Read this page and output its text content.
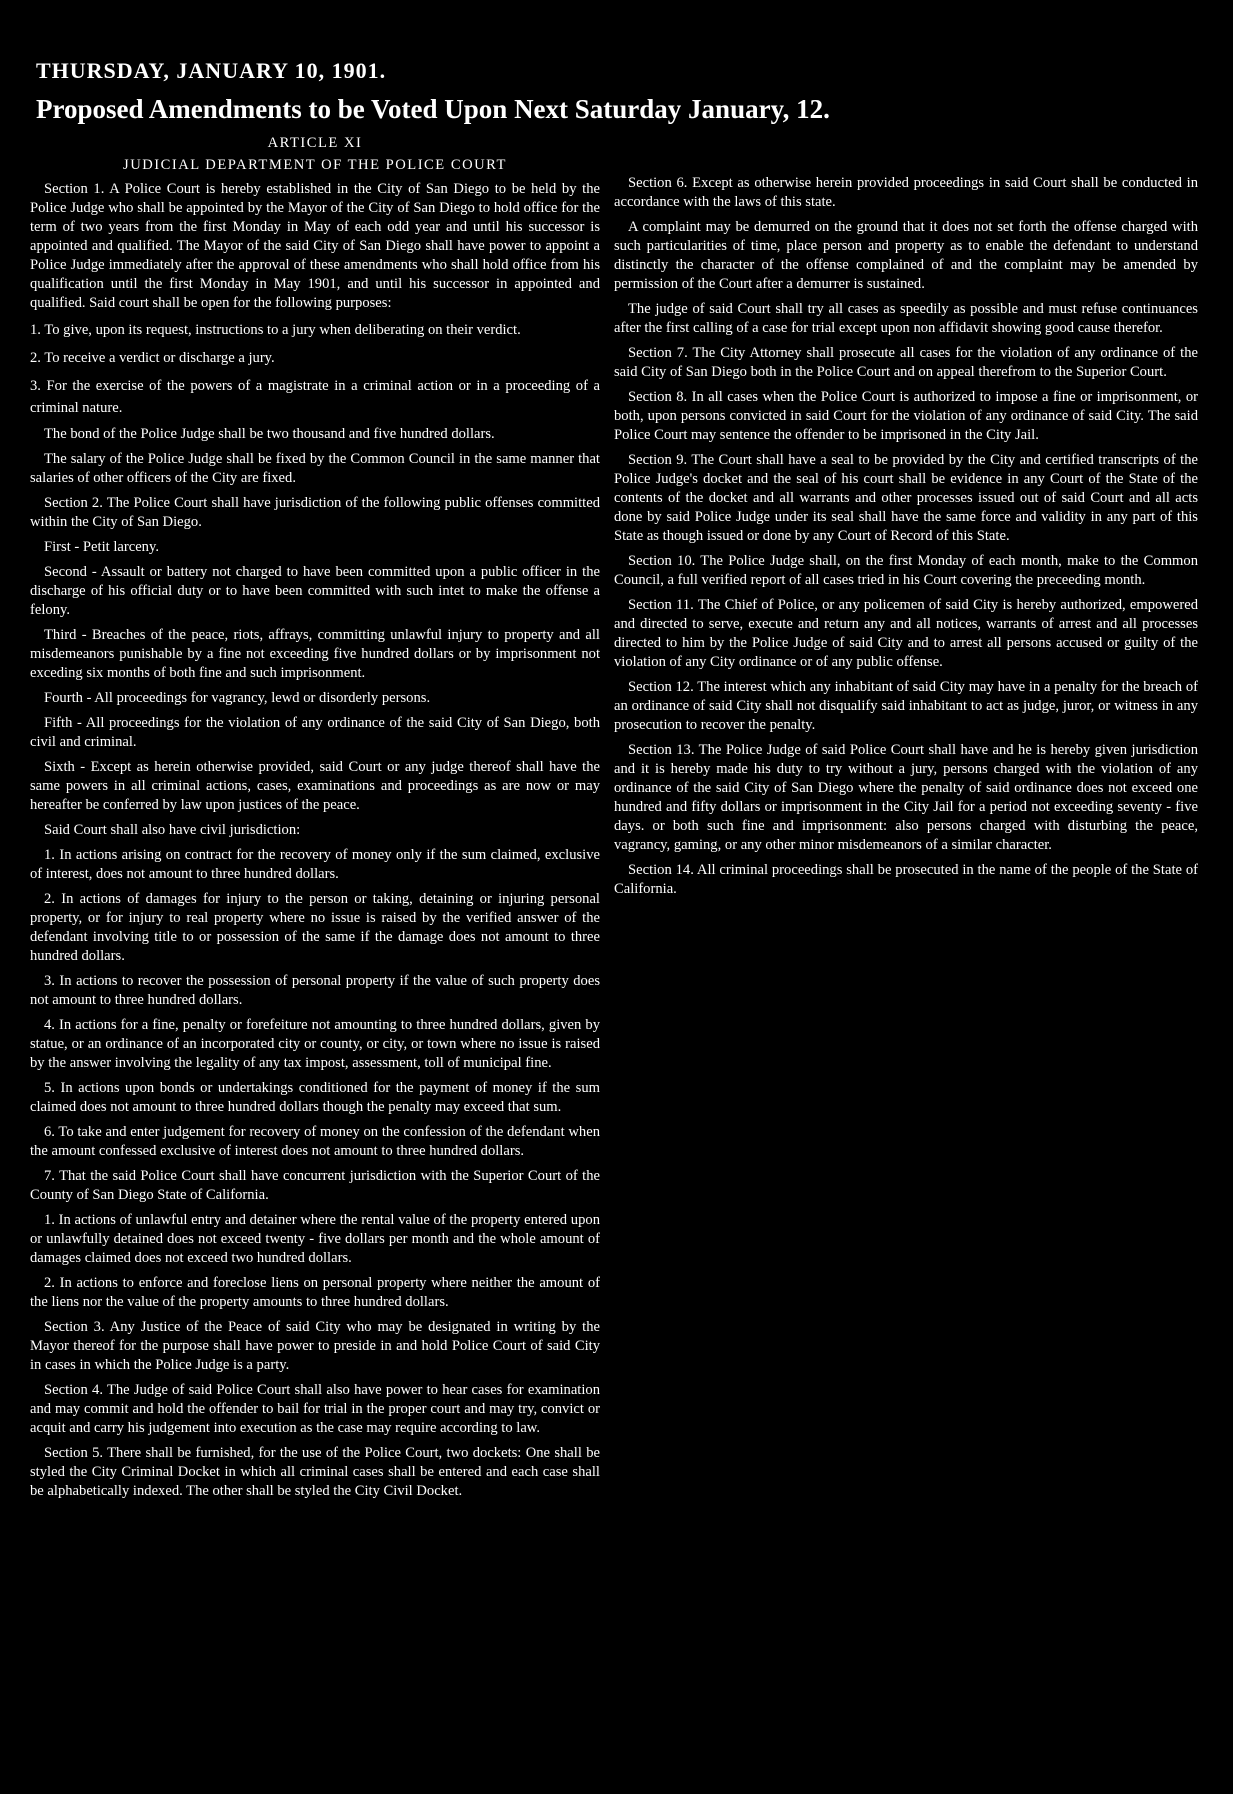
THURSDAY, JANUARY 10, 1901.
Proposed Amendments to be Voted Upon Next Saturday January, 12.
ARTICLE XI
JUDICIAL DEPARTMENT OF THE POLICE COURT

Section 1. A Police Court is hereby established in the City of San Diego to be held by the Police Judge who shall be appointed by the Mayor of the City of San Diego to hold office for the term of two years from the first Monday in May of each odd year and until his successor is appointed and qualified. The Mayor of the said City of San Diego shall have power to appoint a Police Judge immediately after the approval of these amendments who shall hold office from his qualification until the first Monday in May 1901, and until his successor in appointed and qualified. Said court shall be open for the following purposes:

1. To give, upon its request, instructions to a jury when deliberating on their verdict.

2. To receive a verdict or discharge a jury.

3. For the exercise of the powers of a magistrate in a criminal action or in a proceeding of a criminal nature.

The bond of the Police Judge shall be two thousand and five hundred dollars.

The salary of the Police Judge shall be fixed by the Common Council in the same manner that salaries of other officers of the City are fixed.

Section 2. The Police Court shall have jurisdiction of the following public offenses committed within the City of San Diego.

First - Petit larceny.

Second - Assault or battery not charged to have been committed upon a public officer in the discharge of his official duty or to have been committed with such intet to make the offense a felony.

Third - Breaches of the peace, riots, affrays, committing unlawful injury to property and all misdemeanors punishable by a fine not exceeding five hundred dollars or by imprisonment not exceding six months of both fine and such imprisonment.

Fourth - All proceedings for vagrancy, lewd or disorderly persons.

Fifth - All proceedings for the violation of any ordinance of the said City of San Diego, both civil and criminal.

Sixth - Except as herein otherwise provided, said Court or any judge thereof shall have the same powers in all criminal actions, cases, examinations and proceedings as are now or may hereafter be conferred by law upon justices of the peace.

Said Court shall also have civil jurisdiction:

1. In actions arising on contract for the recovery of money only if the sum claimed, exclusive of interest, does not amount to three hundred dollars.

2. In actions of damages for injury to the person or taking, detaining or injuring personal property, or for injury to real property where no issue is raised by the verified answer of the defendant involving title to or possession of the same if the damage does not amount to three hundred dollars.

3. In actions to recover the possession of personal property if the value of such property does not amount to three hundred dollars.

4. In actions for a fine, penalty or forefeiture not amounting to three hundred dollars, given by statue, or an ordinance of an incorporated city or county, or city, or town where no issue is raised by the answer involving the legality of any tax impost, assessment, toll of municipal fine.

5. In actions upon bonds or undertakings conditioned for the payment of money if the sum claimed does not amount to three hundred dollars though the penalty may exceed that sum.

6. To take and enter judgement for recovery of money on the confession of the defendant when the amount confessed exclusive of interest does not amount to three hundred dollars.

7. That the said Police Court shall have concurrent jurisdiction with the Superior Court of the County of San Diego State of California.

1. In actions of unlawful entry and detainer where the rental value of the property entered upon or unlawfully detained does not exceed twenty - five dollars per month and the whole amount of damages claimed does not exceed two hundred dollars.

2. In actions to enforce and foreclose liens on personal property where neither the amount of the liens nor the value of the property amounts to three hundred dollars.

Section 3. Any Justice of the Peace of said City who may be designated in writing by the Mayor thereof for the purpose shall have power to preside in and hold Police Court of said City in cases in which the Police Judge is a party.

Section 4. The Judge of said Police Court shall also have power to hear cases for examination and may commit and hold the offender to bail for trial in the proper court and may try, convict or acquit and carry his judgement into execution as the case may require according to law.

Section 5. There shall be furnished, for the use of the Police Court, two dockets: One shall be styled the City Criminal Docket in which all criminal cases shall be entered and each case shall be alphabetically indexed. The other shall be styled the City Civil Docket.

Section 6. Except as otherwise herein provided proceedings in said Court shall be conducted in accordance with the laws of this state.

A complaint may be demurred on the ground that it does not set forth the offense charged with such particularities of time, place person and property as to enable the defendant to understand distinctly the character of the offense complained of and the complaint may be amended by permission of the Court after a demurrer is sustained.

The judge of said Court shall try all cases as speedily as possible and must refuse continuances after the first calling of a case for trial except upon non affidavit showing good cause therefor.

Section 7. The City Attorney shall prosecute all cases for the violation of any ordinance of the said City of San Diego both in the Police Court and on appeal therefrom to the Superior Court.

Section 8. In all cases when the Police Court is authorized to impose a fine or imprisonment, or both, upon persons convicted in said Court for the violation of any ordinance of said City. The said Police Court may sentence the offender to be imprisoned in the City Jail.

Section 9. The Court shall have a seal to be provided by the City and certified transcripts of the Police Judge's docket and the seal of his court shall be evidence in any Court of the State of the contents of the docket and all warrants and other processes issued out of said Court and all acts done by said Police Judge under its seal shall have the same force and validity in any part of this State as though issued or done by any Court of Record of this State.

Section 10. The Police Judge shall, on the first Monday of each month, make to the Common Council, a full verified report of all cases tried in his Court covering the preceeding month.

Section 11. The Chief of Police, or any policemen of said City is hereby authorized, empowered and directed to serve, execute and return any and all notices, warrants of arrest and all processes directed to him by the Police Judge of said City and to arrest all persons accused or guilty of the violation of any City ordinance or of any public offense.

Section 12. The interest which any inhabitant of said City may have in a penalty for the breach of an ordinance of said City shall not disqualify said inhabitant to act as judge, juror, or witness in any prosecution to recover the penalty.

Section 13. The Police Judge of said Police Court shall have and he is hereby given jurisdiction and it is hereby made his duty to try without a jury, persons charged with the violation of any ordinance of the said City of San Diego where the penalty of said ordinance does not exceed one hundred and fifty dollars or imprisonment in the City Jail for a period not exceeding seventy - five days. or both such fine and imprisonment: also persons charged with disturbing the peace, vagrancy, gaming, or any other minor misdemeanors of a similar character.

Section 14. All criminal proceedings shall be prosecuted in the name of the people of the State of California.
